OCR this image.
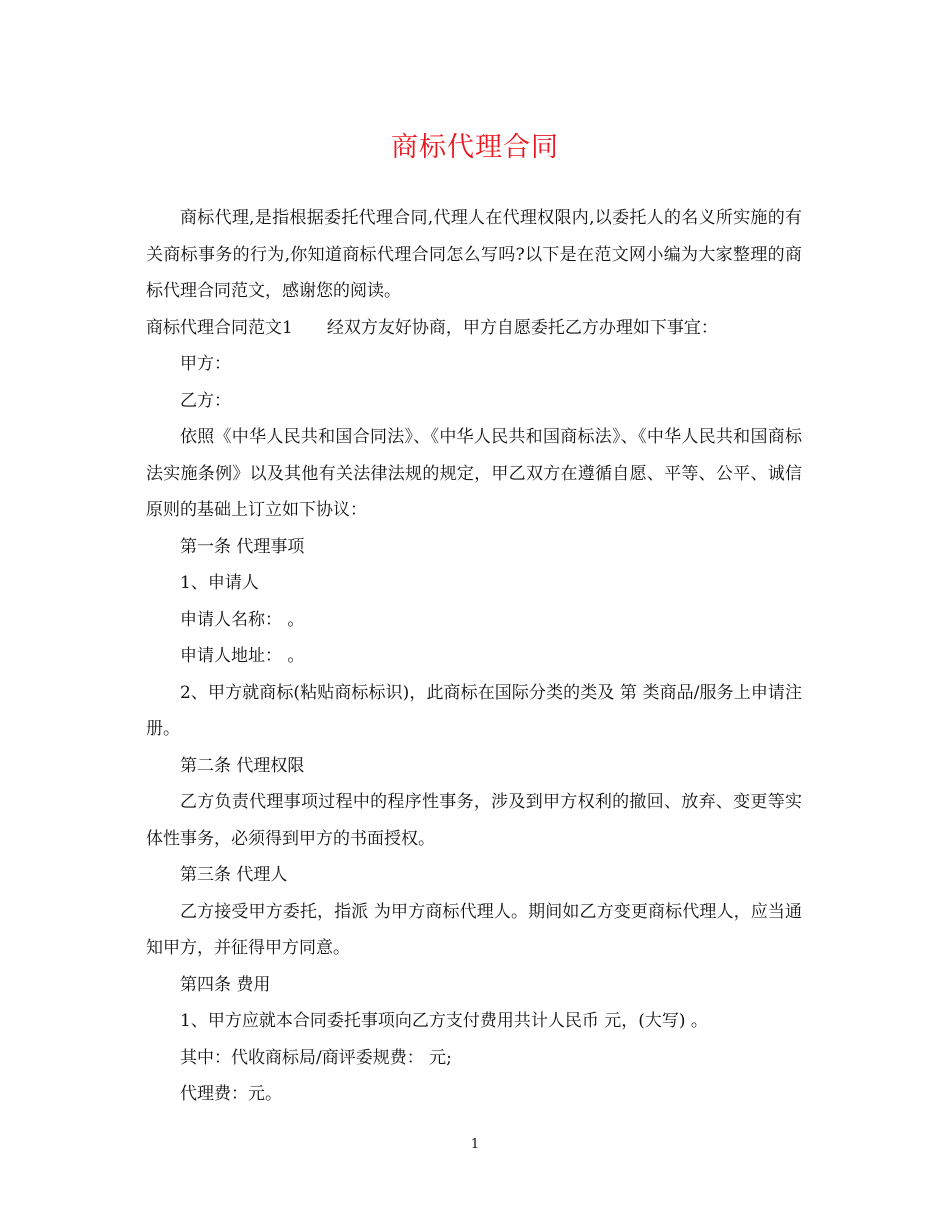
商标代理合同

商标代理,是指根据委托代理合同,代理人在代理权限内,以委托人的名义所实施的有关商标事务的行为,你知道商标代理合同怎么写吗?以下是在范文网小编为大家整理的商标代理合同范文，感谢您的阅读。

商标代理合同范文1 经双方友好协商，甲方自愿委托乙方办理如下事宜：

甲方：

乙方：

依照《中华人民共和国合同法》、《中华人民共和国商标法》、《中华人民共和国商标法实施条例》以及其他有关法律法规的规定，甲乙双方在遵循自愿、平等、公平、诚信原则的基础上订立如下协议：

第一条 代理事项

1、申请人

申请人名称： 。

申请人地址： 。

2、甲方就商标(粘贴商标标识)，此商标在国际分类的类及 第 类商品/服务上申请注册。

第二条 代理权限

乙方负责代理事项过程中的程序性事务，涉及到甲方权利的撤回、放弃、变更等实体性事务，必须得到甲方的书面授权。

第三条 代理人

乙方接受甲方委托，指派 为甲方商标代理人。期间如乙方变更商标代理人，应当通知甲方，并征得甲方同意。

第四条 费用

1、甲方应就本合同委托事项向乙方支付费用共计人民币 元，(大写) 。

其中：代收商标局/商评委规费： 元;

代理费：元。

1
